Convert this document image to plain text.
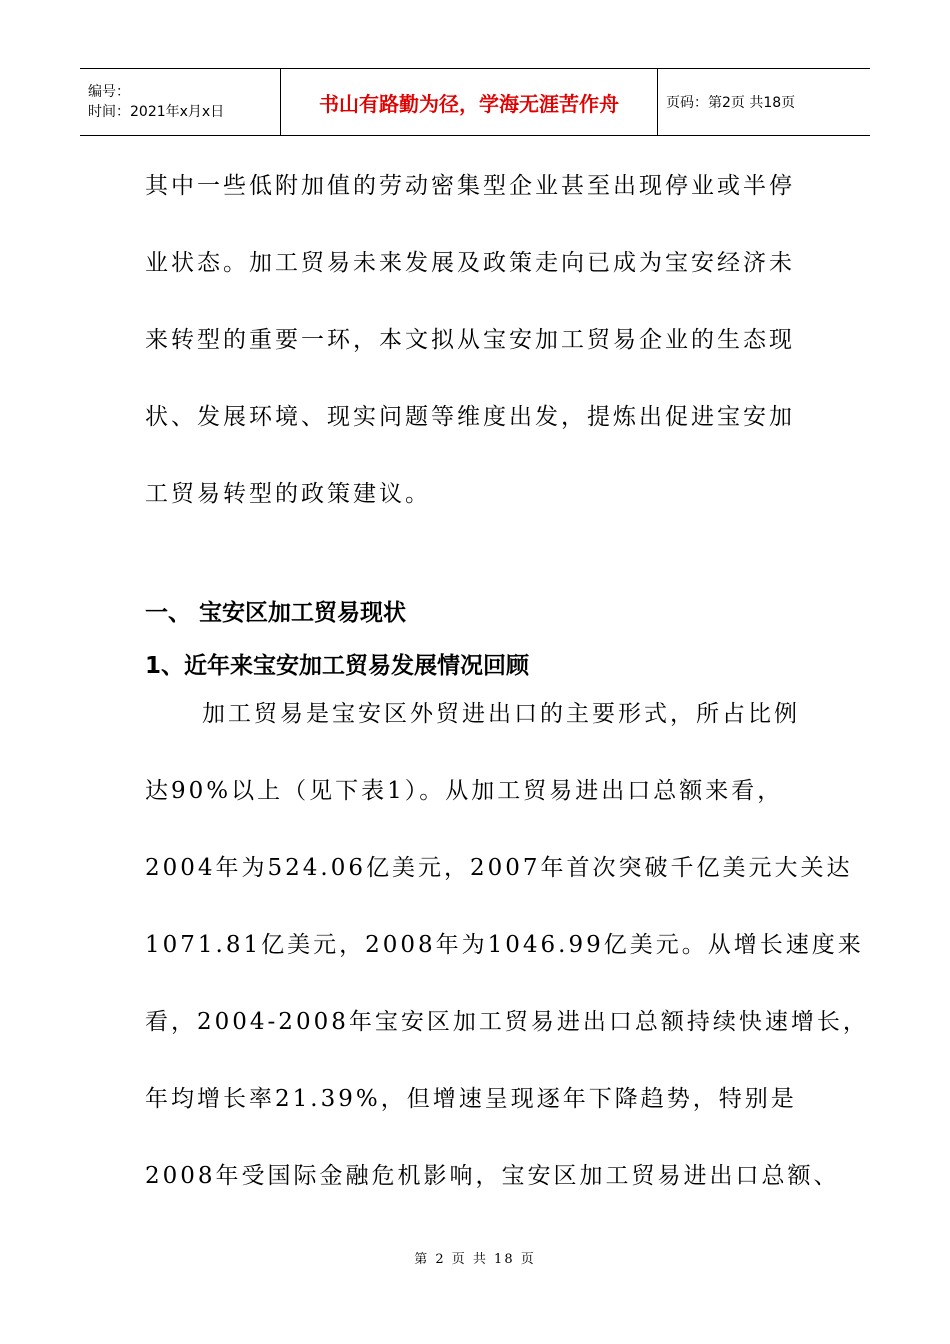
编号：
时间：2021年x月x日	书山有路勤为径，学海无涯苦作舟	页码：第2页 共18页

其中一些低附加值的劳动密集型企业甚至出现停业或半停

业状态。加工贸易未来发展及政策走向已成为宝安经济未

来转型的重要一环，本文拟从宝安加工贸易企业的生态现

状、发展环境、现实问题等维度出发，提炼出促进宝安加

工贸易转型的政策建议。

一、 宝安区加工贸易现状
1、近年来宝安加工贸易发展情况回顾

加工贸易是宝安区外贸进出口的主要形式，所占比例

达90%以上（见下表1）。从加工贸易进出口总额来看，

2004年为524.06亿美元，2007年首次突破千亿美元大关达

1071.81亿美元，2008年为1046.99亿美元。从增长速度来

看，2004-2008年宝安区加工贸易进出口总额持续快速增长，

年均增长率21.39%，但增速呈现逐年下降趋势，特别是

2008年受国际金融危机影响，宝安区加工贸易进出口总额、

第 2 页 共 18 页
